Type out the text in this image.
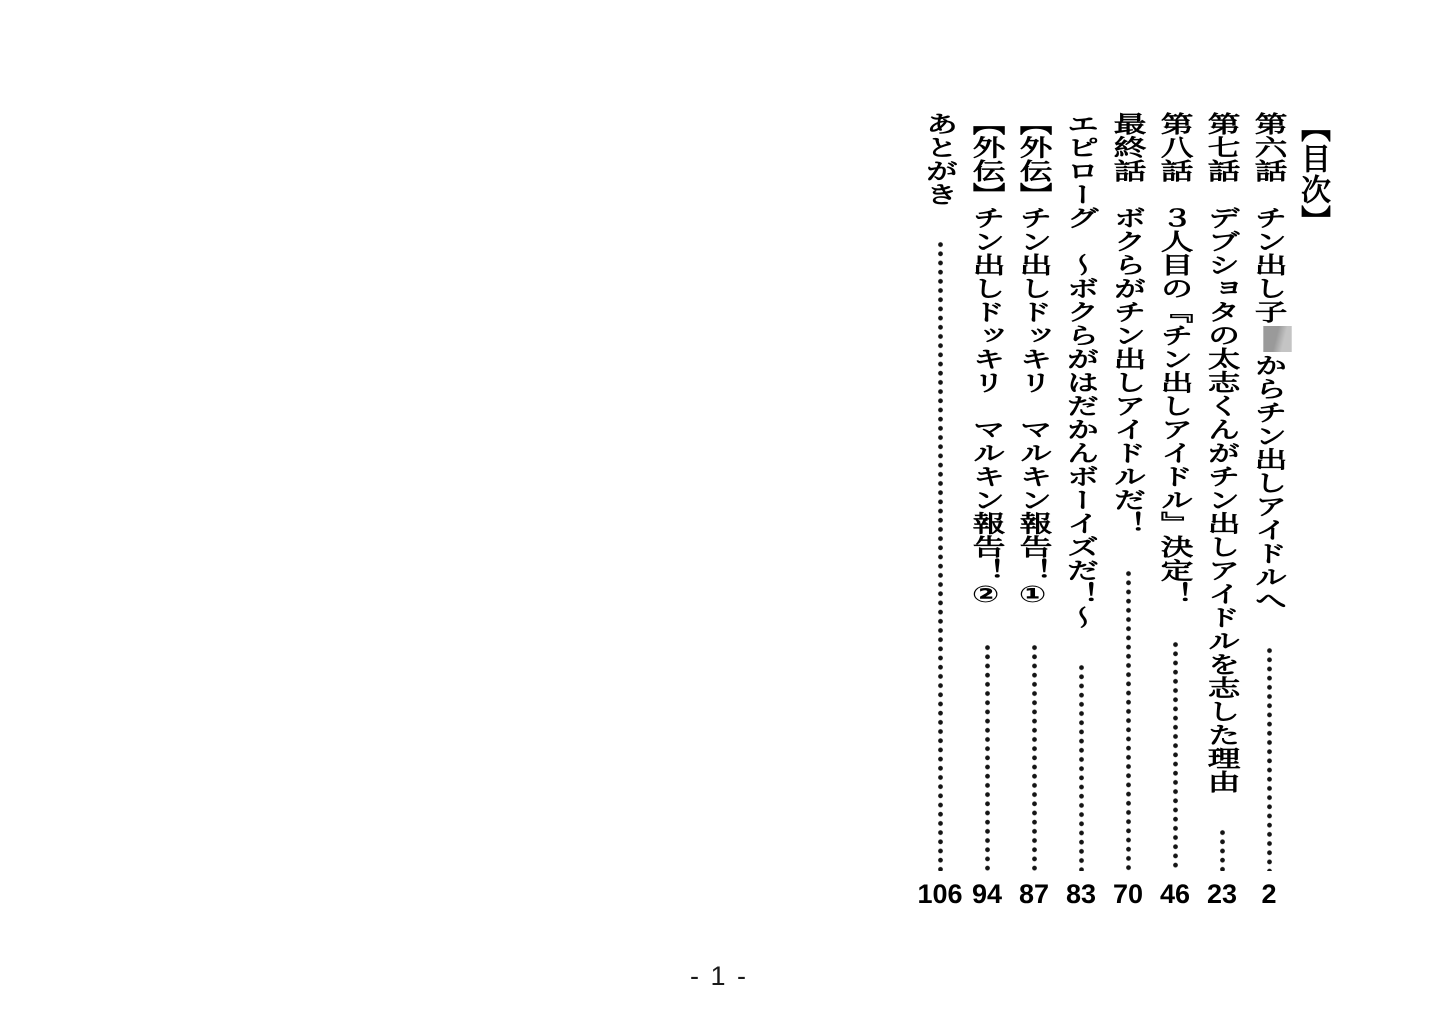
【目次】
第六話　チン出し子からチン出しアイドルへ
2
第七話　デブショタの太志くんがチン出しアイドルを志した理由
23
第八話　３人目の『チン出しアイドル』決定！
46
最終話　ボクらがチン出しアイドルだ！
70
エピローグ　～ボクらがはだかんボーイズだ！～
83
【外伝】チン出しドッキリ　マルキン報告！①
87
【外伝】チン出しドッキリ　マルキン報告！②
94
あとがき
106
- 1 -
